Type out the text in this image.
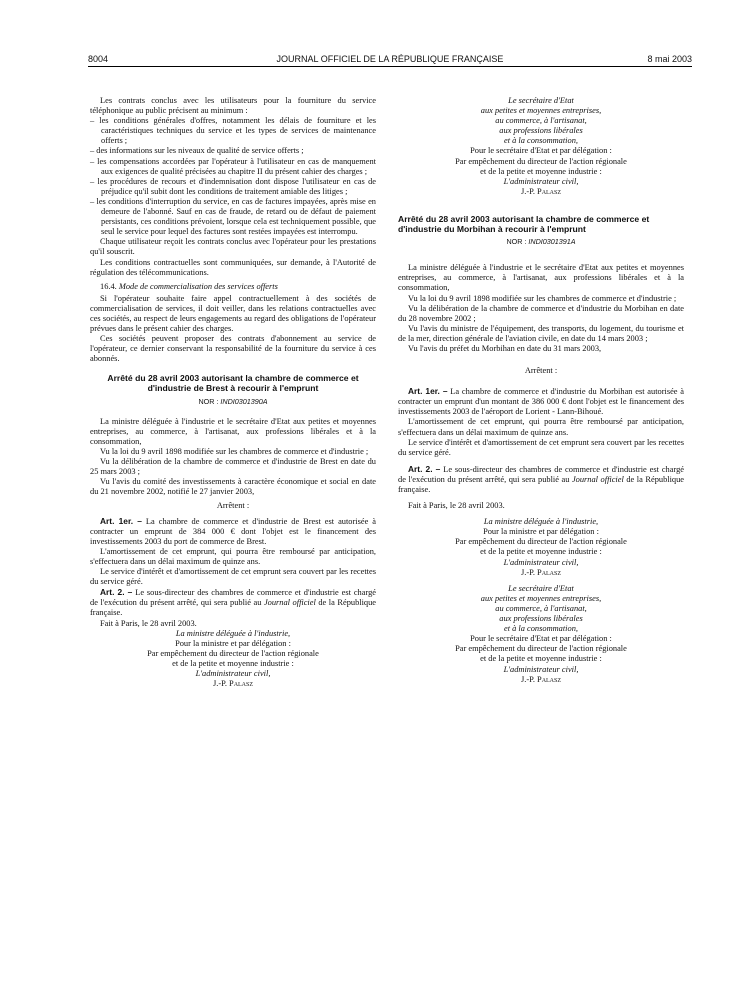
8004	JOURNAL OFFICIEL DE LA RÉPUBLIQUE FRANÇAISE	8 mai 2003

Les contrats conclus avec les utilisateurs pour la fourniture du service téléphonique au public précisent au minimum :

– les conditions générales d'offres, notamment les délais de fourniture et les caractéristiques techniques du service et les types de services de maintenance offerts ;

– des informations sur les niveaux de qualité de service offerts ;

– les compensations accordées par l'opérateur à l'utilisateur en cas de manquement aux exigences de qualité précisées au chapitre II du présent cahier des charges ;

– les procédures de recours et d'indemnisation dont dispose l'utilisateur en cas de préjudice qu'il subit dont les conditions de traitement amiable des litiges ;

– les conditions d'interruption du service, en cas de factures impayées, après mise en demeure de l'abonné. Sauf en cas de fraude, de retard ou de défaut de paiement persistants, ces conditions prévoient, lorsque cela est techniquement possible, que seul le service pour lequel des factures sont restées impayées est interrompu.

Chaque utilisateur reçoit les contrats conclus avec l'opérateur pour les prestations qu'il souscrit.

Les conditions contractuelles sont communiquées, sur demande, à l'Autorité de régulation des télécommunications.

16.4. Mode de commercialisation des services offerts

Si l'opérateur souhaite faire appel contractuellement à des sociétés de commercialisation de services, il doit veiller, dans les relations contractuelles avec ces sociétés, au respect de leurs engagements au regard des obligations de l'opérateur prévues dans le présent cahier des charges.

Ces sociétés peuvent proposer des contrats d'abonnement au service de l'opérateur, ce dernier conservant la responsabilité de la fourniture du service à ces abonnés.

Arrêté du 28 avril 2003 autorisant la chambre de commerce et d'industrie de Brest à recourir à l'emprunt
NOR : INDI0301390A

La ministre déléguée à l'industrie et le secrétaire d'Etat aux petites et moyennes entreprises, au commerce, à l'artisanat, aux professions libérales et à la consommation,

Vu la loi du 9 avril 1898 modifiée sur les chambres de commerce et d'industrie ;

Vu la délibération de la chambre de commerce et d'industrie de Brest en date du 25 mars 2003 ;

Vu l'avis du comité des investissements à caractère économique et social en date du 21 novembre 2002, notifié le 27 janvier 2003,

Arrêtent :

Art. 1er. – La chambre de commerce et d'industrie de Brest est autorisée à contracter un emprunt de 384 000 € dont l'objet est le financement des investissements 2003 du port de commerce de Brest.

L'amortissement de cet emprunt, qui pourra être remboursé par anticipation, s'effectuera dans un délai maximum de quinze ans.

Le service d'intérêt et d'amortissement de cet emprunt sera couvert par les recettes du service géré.

Art. 2. – Le sous-directeur des chambres de commerce et d'industrie est chargé de l'exécution du présent arrêté, qui sera publié au Journal officiel de la République française.

Fait à Paris, le 28 avril 2003.

La ministre déléguée à l'industrie,

Pour la ministre et par délégation :

Par empêchement du directeur de l'action régionale

et de la petite et moyenne industrie :

L'administrateur civil,

J.-P. Palasz

Le secrétaire d'Etat

aux petites et moyennes entreprises,

au commerce, à l'artisanat,

aux professions libérales

et à la consommation,

Pour le secrétaire d'Etat et par délégation :

Par empêchement du directeur de l'action régionale

et de la petite et moyenne industrie :

L'administrateur civil,

J.-P. Palasz

Arrêté du 28 avril 2003 autorisant la chambre de commerce et d'industrie du Morbihan à recourir à l'emprunt
NOR : INDI0301391A

La ministre déléguée à l'industrie et le secrétaire d'Etat aux petites et moyennes entreprises, au commerce, à l'artisanat, aux professions libérales et à la consommation,

Vu la loi du 9 avril 1898 modifiée sur les chambres de commerce et d'industrie ;

Vu la délibération de la chambre de commerce et d'industrie du Morbihan en date du 28 novembre 2002 ;

Vu l'avis du ministre de l'équipement, des transports, du logement, du tourisme et de la mer, direction générale de l'aviation civile, en date du 14 mars 2003 ;

Vu l'avis du préfet du Morbihan en date du 31 mars 2003,

Arrêtent :

Art. 1er. – La chambre de commerce et d'industrie du Morbihan est autorisée à contracter un emprunt d'un montant de 386 000 € dont l'objet est le financement des investissements 2003 de l'aéroport de Lorient - Lann-Bihoué.

L'amortissement de cet emprunt, qui pourra être remboursé par anticipation, s'effectuera dans un délai maximum de quinze ans.

Le service d'intérêt et d'amortissement de cet emprunt sera couvert par les recettes du service géré.

Art. 2. – Le sous-directeur des chambres de commerce et d'industrie est chargé de l'exécution du présent arrêté, qui sera publié au Journal officiel de la République française.

Fait à Paris, le 28 avril 2003.

La ministre déléguée à l'industrie,

Pour la ministre et par délégation :

Par empêchement du directeur de l'action régionale

et de la petite et moyenne industrie :

L'administrateur civil,

J.-P. Palasz

Le secrétaire d'Etat

aux petites et moyennes entreprises,

au commerce, à l'artisanat,

aux professions libérales

et à la consommation,

Pour le secrétaire d'Etat et par délégation :

Par empêchement du directeur de l'action régionale

et de la petite et moyenne industrie :

L'administrateur civil,

J.-P. Palasz
